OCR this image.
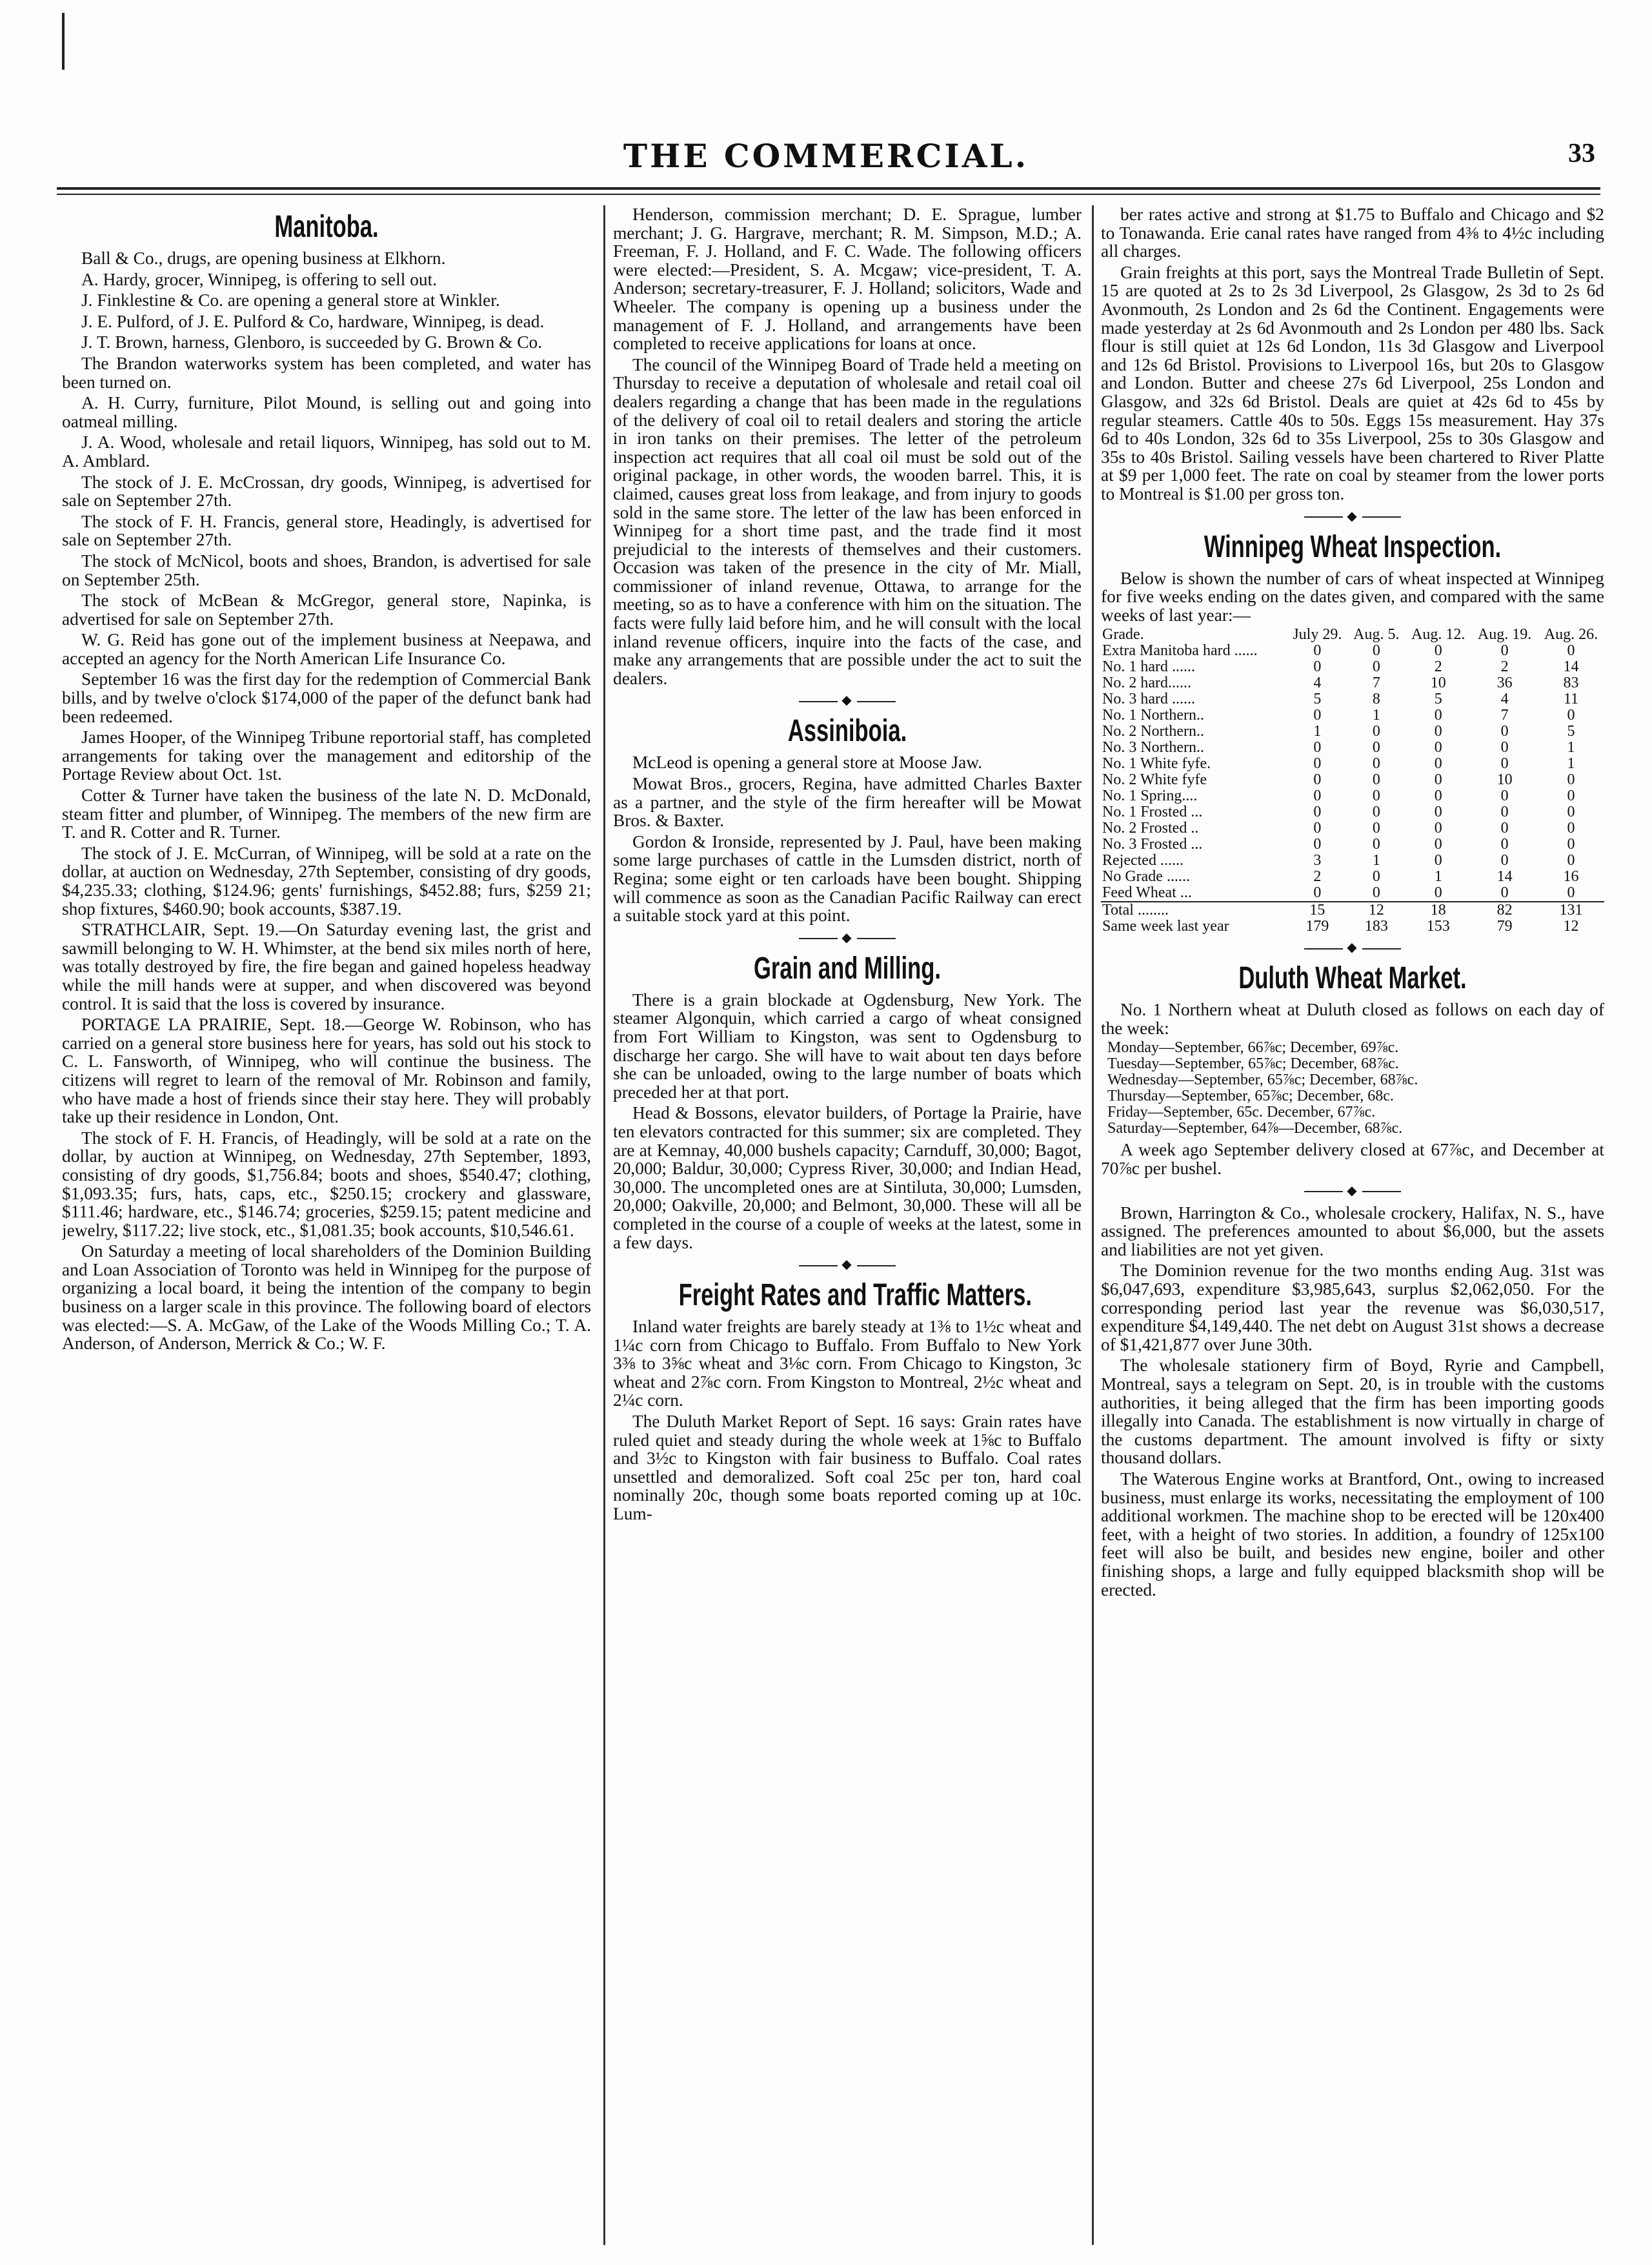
THE COMMERCIAL.	33
Manitoba.

Ball & Co., drugs, are opening business at Elkhorn.

A. Hardy, grocer, Winnipeg, is offering to sell out.

J. Finklestine & Co. are opening a general store at Winkler.

J. E. Pulford, of J. E. Pulford & Co, hardware, Winnipeg, is dead.

J. T. Brown, harness, Glenboro, is succeeded by G. Brown & Co.

The Brandon waterworks system has been completed, and water has been turned on.

A. H. Curry, furniture, Pilot Mound, is selling out and going into oatmeal milling.

J. A. Wood, wholesale and retail liquors, Winnipeg, has sold out to M. A. Amblard.

The stock of J. E. McCrossan, dry goods, Winnipeg, is advertised for sale on September 27th.

The stock of F. H. Francis, general store, Headingly, is advertised for sale on September 27th.

The stock of McNicol, boots and shoes, Brandon, is advertised for sale on September 25th.

The stock of McBean & McGregor, general store, Napinka, is advertised for sale on September 27th.

W. G. Reid has gone out of the implement business at Neepawa, and accepted an agency for the North American Life Insurance Co.

September 16 was the first day for the redemption of Commercial Bank bills, and by twelve o'clock $174,000 of the paper of the defunct bank had been redeemed.

James Hooper, of the Winnipeg Tribune reportorial staff, has completed arrangements for taking over the management and editorship of the Portage Review about Oct. 1st.

Cotter & Turner have taken the business of the late N. D. McDonald, steam fitter and plumber, of Winnipeg. The members of the new firm are T. and R. Cotter and R. Turner.

The stock of J. E. McCurran, of Winnipeg, will be sold at a rate on the dollar, at auction on Wednesday, 27th September, consisting of dry goods, $4,235.33; clothing, $124.96; gents' furnishings, $452.88; furs, $259 21; shop fixtures, $460.90; book accounts, $387.19.

STRATHCLAIR, Sept. 19.—On Saturday evening last, the grist and sawmill belonging to W. H. Whimster, at the bend six miles north of here, was totally destroyed by fire, the fire began and gained hopeless headway while the mill hands were at supper, and when discovered was beyond control. It is said that the loss is covered by insurance.

PORTAGE LA PRAIRIE, Sept. 18.—George W. Robinson, who has carried on a general store business here for years, has sold out his stock to C. L. Fansworth, of Winnipeg, who will continue the business. The citizens will regret to learn of the removal of Mr. Robinson and family, who have made a host of friends since their stay here. They will probably take up their residence in London, Ont.

The stock of F. H. Francis, of Headingly, will be sold at a rate on the dollar, by auction at Winnipeg, on Wednesday, 27th September, 1893, consisting of dry goods, $1,756.84; boots and shoes, $540.47; clothing, $1,093.35; furs, hats, caps, etc., $250.15; crockery and glassware, $111.46; hardware, etc., $146.74; groceries, $259.15; patent medicine and jewelry, $117.22; live stock, etc., $1,081.35; book accounts, $10,546.61.

On Saturday a meeting of local shareholders of the Dominion Building and Loan Association of Toronto was held in Winnipeg for the purpose of organizing a local board, it being the intention of the company to begin business on a larger scale in this province. The following board of electors was elected:—S. A. McGaw, of the Lake of the Woods Milling Co.; T. A. Anderson, of Anderson, Merrick & Co.; W. F.

Henderson, commission merchant; D. E. Sprague, lumber merchant; J. G. Hargrave, merchant; R. M. Simpson, M.D.; A. Freeman, F. J. Holland, and F. C. Wade. The following officers were elected:—President, S. A. Mcgaw; vice-president, T. A. Anderson; secretary-treasurer, F. J. Holland; solicitors, Wade and Wheeler. The company is opening up a business under the management of F. J. Holland, and arrangements have been completed to receive applications for loans at once.

The council of the Winnipeg Board of Trade held a meeting on Thursday to receive a deputation of wholesale and retail coal oil dealers regarding a change that has been made in the regulations of the delivery of coal oil to retail dealers and storing the article in iron tanks on their premises. The letter of the petroleum inspection act requires that all coal oil must be sold out of the original package, in other words, the wooden barrel. This, it is claimed, causes great loss from leakage, and from injury to goods sold in the same store. The letter of the law has been enforced in Winnipeg for a short time past, and the trade find it most prejudicial to the interests of themselves and their customers. Occasion was taken of the presence in the city of Mr. Miall, commissioner of inland revenue, Ottawa, to arrange for the meeting, so as to have a conference with him on the situation. The facts were fully laid before him, and he will consult with the local inland revenue officers, inquire into the facts of the case, and make any arrangements that are possible under the act to suit the dealers.

◆
Assiniboia.

McLeod is opening a general store at Moose Jaw.

Mowat Bros., grocers, Regina, have admitted Charles Baxter as a partner, and the style of the firm hereafter will be Mowat Bros. & Baxter.

Gordon & Ironside, represented by J. Paul, have been making some large purchases of cattle in the Lumsden district, north of Regina; some eight or ten carloads have been bought. Shipping will commence as soon as the Canadian Pacific Railway can erect a suitable stock yard at this point.

◆
Grain and Milling.

There is a grain blockade at Ogdensburg, New York. The steamer Algonquin, which carried a cargo of wheat consigned from Fort William to Kingston, was sent to Ogdensburg to discharge her cargo. She will have to wait about ten days before she can be unloaded, owing to the large number of boats which preceded her at that port.

Head & Bossons, elevator builders, of Portage la Prairie, have ten elevators contracted for this summer; six are completed. They are at Kemnay, 40,000 bushels capacity; Carnduff, 30,000; Bagot, 20,000; Baldur, 30,000; Cypress River, 30,000; and Indian Head, 30,000. The uncompleted ones are at Sintiluta, 30,000; Lumsden, 20,000; Oakville, 20,000; and Belmont, 30,000. These will all be completed in the course of a couple of weeks at the latest, some in a few days.

◆
Freight Rates and Traffic Matters.

Inland water freights are barely steady at 1⅜ to 1½c wheat and 1¼c corn from Chicago to Buffalo. From Buffalo to New York 3⅜ to 3⅝c wheat and 3⅛c corn. From Chicago to Kingston, 3c wheat and 2⅞c corn. From Kingston to Montreal, 2½c wheat and 2¼c corn.

The Duluth Market Report of Sept. 16 says: Grain rates have ruled quiet and steady during the whole week at 1⅝c to Buffalo and 3½c to Kingston with fair business to Buffalo. Coal rates unsettled and demoralized. Soft coal 25c per ton, hard coal nominally 20c, though some boats reported coming up at 10c. Lum-

ber rates active and strong at $1.75 to Buffalo and Chicago and $2 to Tonawanda. Erie canal rates have ranged from 4⅜ to 4½c including all charges.

Grain freights at this port, says the Montreal Trade Bulletin of Sept. 15 are quoted at 2s to 2s 3d Liverpool, 2s Glasgow, 2s 3d to 2s 6d Avonmouth, 2s London and 2s 6d the Continent. Engagements were made yesterday at 2s 6d Avonmouth and 2s London per 480 lbs. Sack flour is still quiet at 12s 6d London, 11s 3d Glasgow and Liverpool and 12s 6d Bristol. Provisions to Liverpool 16s, but 20s to Glasgow and London. Butter and cheese 27s 6d Liverpool, 25s London and Glasgow, and 32s 6d Bristol. Deals are quiet at 42s 6d to 45s by regular steamers. Cattle 40s to 50s. Eggs 15s measurement. Hay 37s 6d to 40s London, 32s 6d to 35s Liverpool, 25s to 30s Glasgow and 35s to 40s Bristol. Sailing vessels have been chartered to River Platte at $9 per 1,000 feet. The rate on coal by steamer from the lower ports to Montreal is $1.00 per gross ton.

◆
Winnipeg Wheat Inspection.

Below is shown the number of cars of wheat inspected at Winnipeg for five weeks ending on the dates given, and compared with the same weeks of last year:—

Grade.	July 29.	Aug. 5.	Aug. 12.	Aug. 19.	Aug. 26.
Extra Manitoba hard ......	0	0	0	0	0
No. 1 hard ......	0	0	2	2	14
No. 2 hard......	4	7	10	36	83
No. 3 hard ......	5	8	5	4	11
No. 1 Northern..	0	1	0	7	0
No. 2 Northern..	1	0	0	0	5
No. 3 Northern..	0	0	0	0	1
No. 1 White fyfe.	0	0	0	0	1
No. 2 White fyfe	0	0	0	10	0
No. 1 Spring....	0	0	0	0	0
No. 1 Frosted ...	0	0	0	0	0
No. 2 Frosted ..	0	0	0	0	0
No. 3 Frosted ...	0	0	0	0	0
Rejected ......	3	1	0	0	0
No Grade ......	2	0	1	14	16
Feed Wheat ...	0	0	0	0	0
Total ........	15	12	18	82	131
Same week last year	179	183	153	79	12
◆
Duluth Wheat Market.

No. 1 Northern wheat at Duluth closed as follows on each day of the week:

Monday—September, 66⅞c; December, 69⅞c.
Tuesday—September, 65⅞c; December, 68⅞c.
Wednesday—September, 65⅞c; December, 68⅞c.
Thursday—September, 65⅞c; December, 68c.
Friday—September, 65c. December, 67⅞c.
Saturday—September, 64⅞—December, 68⅞c.

A week ago September delivery closed at 67⅞c, and December at 70⅞c per bushel.

◆

Brown, Harrington & Co., wholesale crockery, Halifax, N. S., have assigned. The preferences amounted to about $6,000, but the assets and liabilities are not yet given.

The Dominion revenue for the two months ending Aug. 31st was $6,047,693, expenditure $3,985,643, surplus $2,062,050. For the corresponding period last year the revenue was $6,030,517, expenditure $4,149,440. The net debt on August 31st shows a decrease of $1,421,877 over June 30th.

The wholesale stationery firm of Boyd, Ryrie and Campbell, Montreal, says a telegram on Sept. 20, is in trouble with the customs authorities, it being alleged that the firm has been importing goods illegally into Canada. The establishment is now virtually in charge of the customs department. The amount involved is fifty or sixty thousand dollars.

The Waterous Engine works at Brantford, Ont., owing to increased business, must enlarge its works, necessitating the employment of 100 additional workmen. The machine shop to be erected will be 120x400 feet, with a height of two stories. In addition, a foundry of 125x100 feet will also be built, and besides new engine, boiler and other finishing shops, a large and fully equipped blacksmith shop will be erected.
